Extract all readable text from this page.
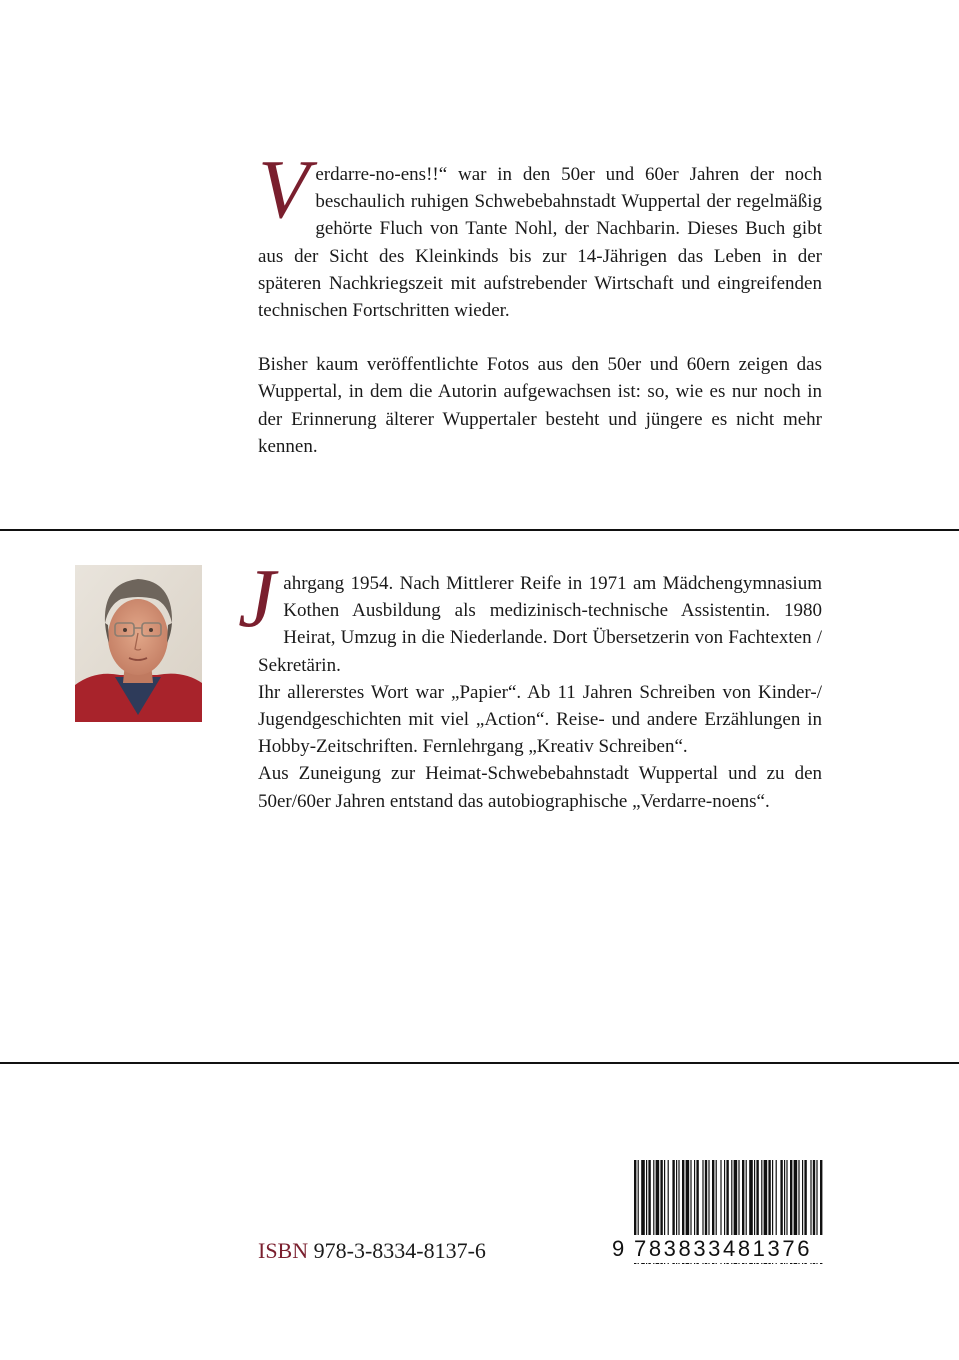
Verdarre-no-ens!!“ war in den 50er und 60er Jahren der noch beschaulich ruhigen Schwebebahnstadt Wuppertal der regelmäßig gehörte Fluch von Tante Nohl, der Nachbarin. Dieses Buch gibt aus der Sicht des Kleinkinds bis zur 14-Jährigen das Leben in der späteren Nachkriegszeit mit aufstrebender Wirtschaft und eingreifenden technischen Fortschritten wieder.

Bisher kaum veröffentlichte Fotos aus den 50er und 60ern zeigen das Wuppertal, in dem die Autorin aufgewachsen ist: so, wie es nur noch in der Erinnerung älterer Wuppertaler besteht und jüngere es nicht mehr kennen.

Jahrgang 1954. Nach Mittlerer Reife in 1971 am Mädchengymnasium Kothen Ausbildung als medizinisch-technische Assistentin. 1980 Heirat, Umzug in die Niederlande. Dort Übersetzerin von Fachtexten / Sekretärin.

Ihr allererstes Wort war „Papier“. Ab 11 Jahren Schreiben von Kinder-/ Jugendgeschichten mit viel „Action“. Reise- und andere Erzählungen in Hobby-Zeitschriften. Fernlehrgang „Kreativ Schreiben“.

Aus Zuneigung zur Heimat-Schwebebahnstadt Wuppertal und zu den 50er/60er Jahren entstand das autobiographische „Verdarre-noens“.

ISBN 978-3-8334-8137-6	9 783833481376
